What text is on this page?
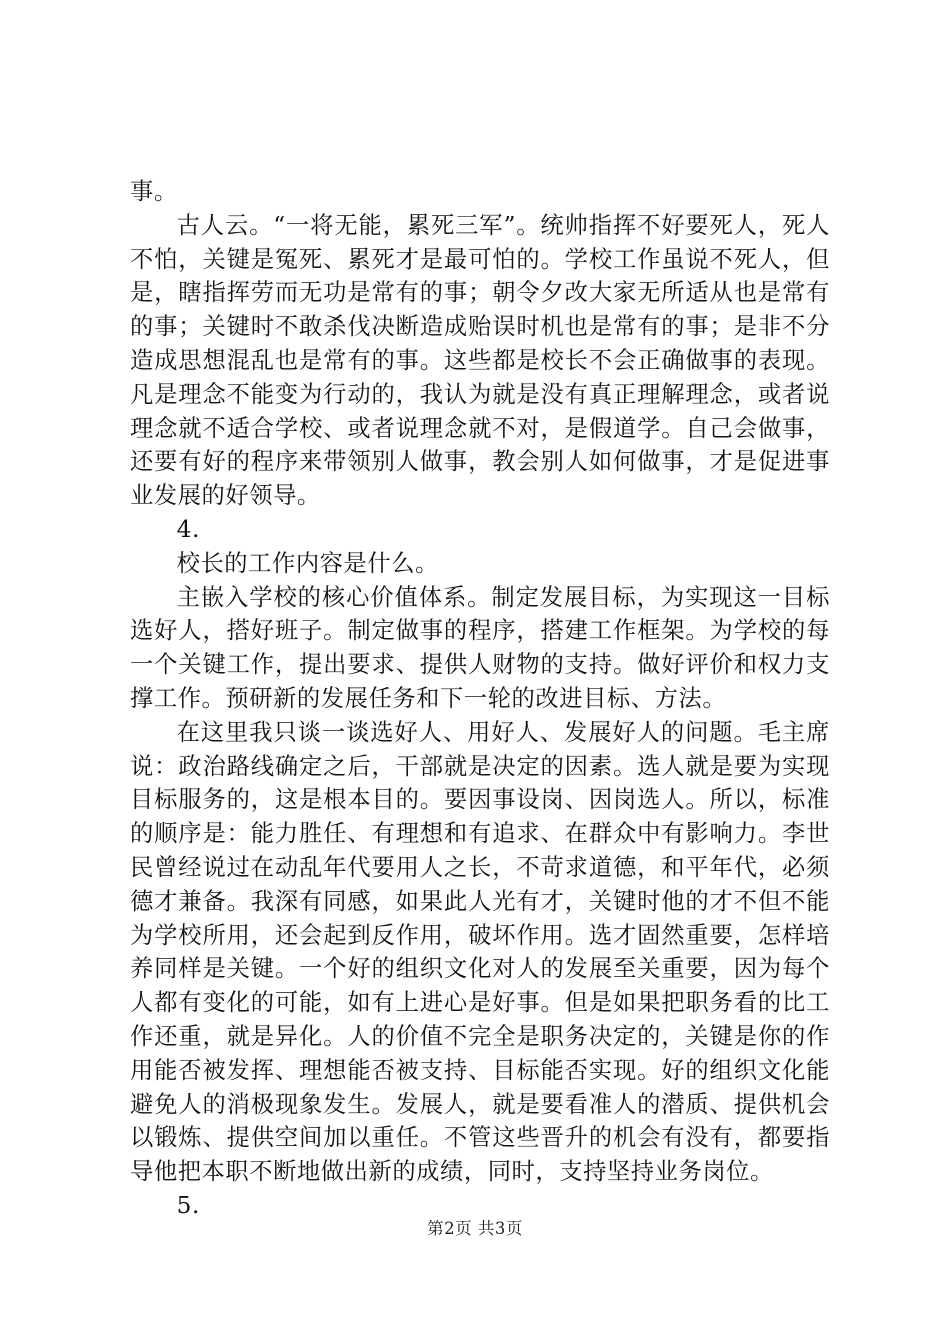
事。

古人云。“一将无能，累死三军”。统帅指挥不好要死人，死人不怕，关键是冤死、累死才是最可怕的。学校工作虽说不死人，但是，瞎指挥劳而无功是常有的事；朝令夕改大家无所适从也是常有的事；关键时不敢杀伐决断造成贻误时机也是常有的事；是非不分造成思想混乱也是常有的事。这些都是校长不会正确做事的表现。凡是理念不能变为行动的，我认为就是没有真正理解理念，或者说理念就不适合学校、或者说理念就不对，是假道学。自己会做事，还要有好的程序来带领别人做事，教会别人如何做事，才是促进事业发展的好领导。

4.

校长的工作内容是什么。

主嵌入学校的核心价值体系。制定发展目标，为实现这一目标选好人，搭好班子。制定做事的程序，搭建工作框架。为学校的每一个关键工作，提出要求、提供人财物的支持。做好评价和权力支撑工作。预研新的发展任务和下一轮的改进目标、方法。

在这里我只谈一谈选好人、用好人、发展好人的问题。毛主席说：政治路线确定之后，干部就是决定的因素。选人就是要为实现目标服务的，这是根本目的。要因事设岗、因岗选人。所以，标准的顺序是：能力胜任、有理想和有追求、在群众中有影响力。李世民曾经说过在动乱年代要用人之长，不苛求道德，和平年代，必须德才兼备。我深有同感，如果此人光有才，关键时他的才不但不能为学校所用，还会起到反作用，破坏作用。选才固然重要，怎样培养同样是关键。一个好的组织文化对人的发展至关重要，因为每个人都有变化的可能，如有上进心是好事。但是如果把职务看的比工作还重，就是异化。人的价值不完全是职务决定的，关键是你的作用能否被发挥、理想能否被支持、目标能否实现。好的组织文化能避免人的消极现象发生。发展人，就是要看准人的潜质、提供机会以锻炼、提供空间加以重任。不管这些晋升的机会有没有，都要指导他把本职不断地做出新的成绩，同时，支持坚持业务岗位。

5.

第2页 共3页
